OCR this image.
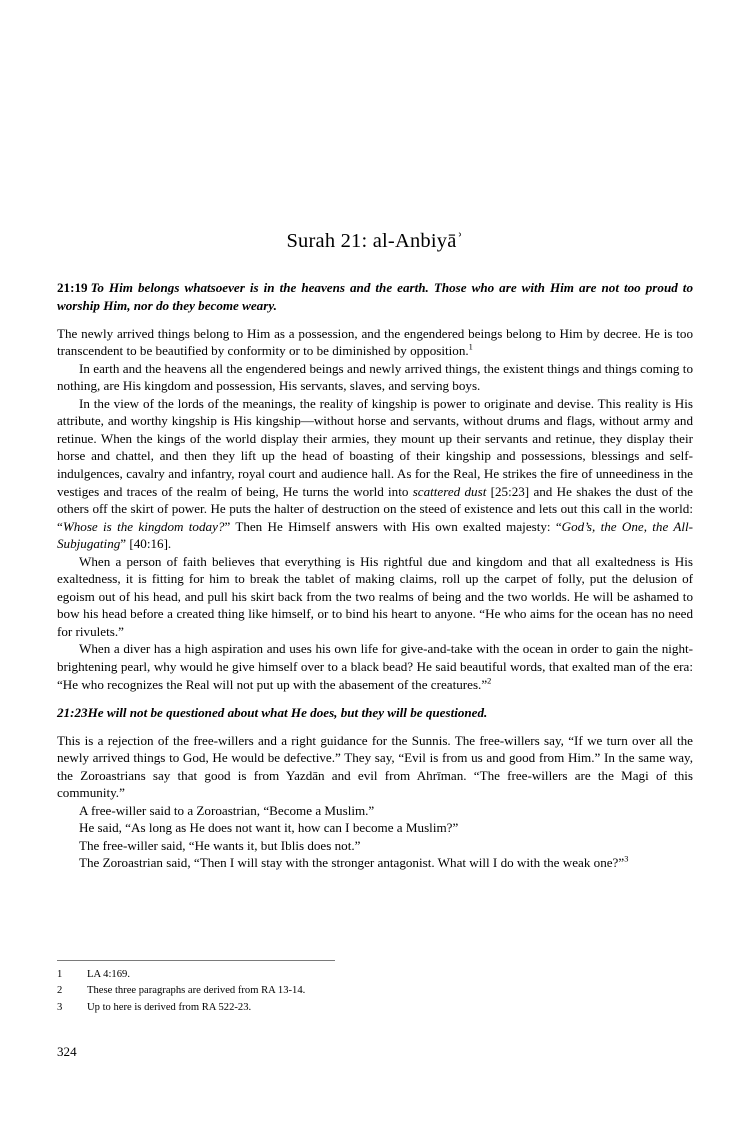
Surah 21: al-Anbiyāʾ

21:19 To Him belongs whatsoever is in the heavens and the earth. Those who are with Him are not too proud to worship Him, nor do they become weary.

The newly arrived things belong to Him as a possession, and the engendered beings belong to Him by decree. He is too transcendent to be beautified by conformity or to be diminished by opposition.$^1$

In earth and the heavens all the engendered beings and newly arrived things, the existent things and things coming to nothing, are His kingdom and possession, His servants, slaves, and serving boys.

In the view of the lords of the meanings, the reality of kingship is power to originate and devise. This reality is His attribute, and worthy kingship is His kingship—without horse and servants, without drums and flags, without army and retinue. When the kings of the world display their armies, they mount up their servants and retinue, they display their horse and chattel, and then they lift up the head of boasting of their kingship and possessions, blessings and self-indulgences, cavalry and infantry, royal court and audience hall. As for the Real, He strikes the fire of unneediness in the vestiges and traces of the realm of being, He turns the world into scattered dust [25:23] and He shakes the dust of the others off the skirt of power. He puts the halter of destruction on the steed of existence and lets out this call in the world: “Whose is the kingdom today?” Then He Himself answers with His own exalted majesty: “God’s, the One, the All-Subjugating” [40:16].

When a person of faith believes that everything is His rightful due and kingdom and that all exaltedness is His exaltedness, it is fitting for him to break the tablet of making claims, roll up the carpet of folly, put the delusion of egoism out of his head, and pull his skirt back from the two realms of being and the two worlds. He will be ashamed to bow his head before a created thing like himself, or to bind his heart to anyone. “He who aims for the ocean has no need for rivulets.”

When a diver has a high aspiration and uses his own life for give-and-take with the ocean in order to gain the night-brightening pearl, why would he give himself over to a black bead? He said beautiful words, that exalted man of the era: “He who recognizes the Real will not put up with the abasement of the creatures.”$^2$

21:23He will not be questioned about what He does, but they will be questioned.

This is a rejection of the free-willers and a right guidance for the Sunnis. The free-willers say, “If we turn over all the newly arrived things to God, He would be defective.” They say, “Evil is from us and good from Him.” In the same way, the Zoroastrians say that good is from Yazdān and evil from Ahrīman. “The free-willers are the Magi of this community.”

A free-willer said to a Zoroastrian, “Become a Muslim.”

He said, “As long as He does not want it, how can I become a Muslim?”

The free-willer said, “He wants it, but Iblis does not.”

The Zoroastrian said, “Then I will stay with the stronger antagonist. What will I do with the weak one?”$^3$

1 LA 4:169.
2 These three paragraphs are derived from RA 13-14.
3 Up to here is derived from RA 522-23.
324
